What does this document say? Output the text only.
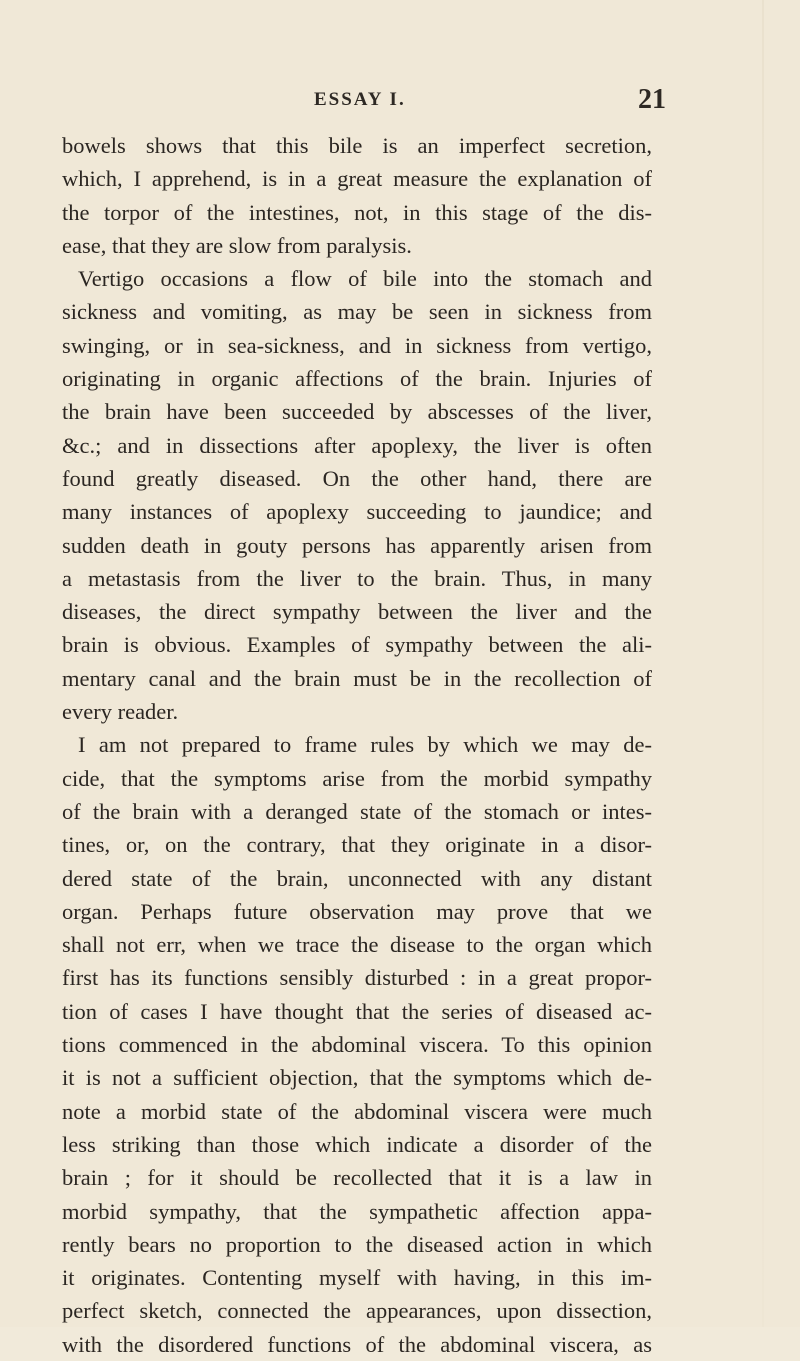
ESSAY I.	21
bowels shows that this bile is an imperfect secretion,
which, I apprehend, is in a great measure the explanation of
the torpor of the intestines, not, in this stage of the dis-
ease, that they are slow from paralysis.
Vertigo occasions a flow of bile into the stomach and
sickness and vomiting, as may be seen in sickness from
swinging, or in sea-sickness, and in sickness from vertigo,
originating in organic affections of the brain. Injuries of
the brain have been succeeded by abscesses of the liver,
&c.; and in dissections after apoplexy, the liver is often
found greatly diseased. On the other hand, there are
many instances of apoplexy succeeding to jaundice; and
sudden death in gouty persons has apparently arisen from
a metastasis from the liver to the brain. Thus, in many
diseases, the direct sympathy between the liver and the
brain is obvious. Examples of sympathy between the ali-
mentary canal and the brain must be in the recollection of
every reader.
I am not prepared to frame rules by which we may de-
cide, that the symptoms arise from the morbid sympathy
of the brain with a deranged state of the stomach or intes-
tines, or, on the contrary, that they originate in a disor-
dered state of the brain, unconnected with any distant
organ. Perhaps future observation may prove that we
shall not err, when we trace the disease to the organ which
first has its functions sensibly disturbed : in a great propor-
tion of cases I have thought that the series of diseased ac-
tions commenced in the abdominal viscera. To this opinion
it is not a sufficient objection, that the symptoms which de-
note a morbid state of the abdominal viscera were much
less striking than those which indicate a disorder of the
brain ; for it should be recollected that it is a law in
morbid sympathy, that the sympathetic affection appa-
rently bears no proportion to the diseased action in which
it originates. Contenting myself with having, in this im-
perfect sketch, connected the appearances, upon dissection,
with the disordered functions of the abdominal viscera, as
